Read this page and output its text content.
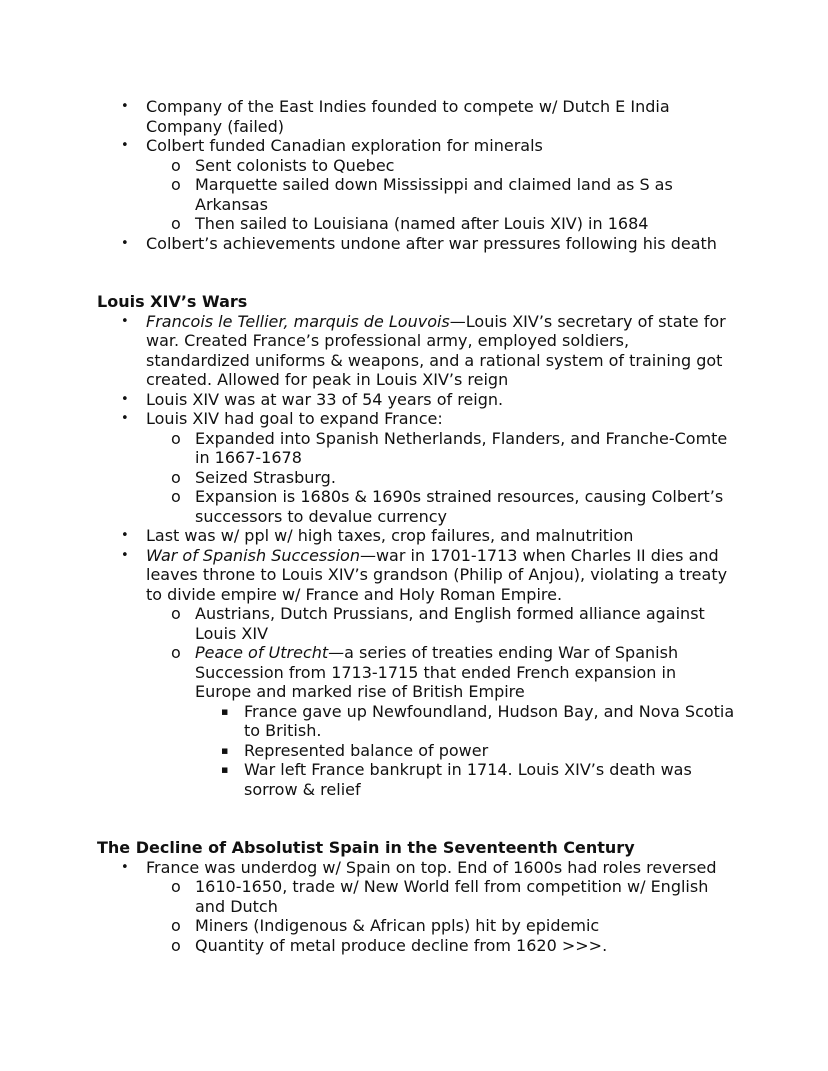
• Company of the East Indies founded to compete w/ Dutch E India Company (failed)
• Colbert funded Canadian exploration for minerals
o Sent colonists to Quebec
o Marquette sailed down Mississippi and claimed land as S as Arkansas
o Then sailed to Louisiana (named after Louis XIV) in 1684
• Colbert’s achievements undone after war pressures following his death
Louis XIV’s Wars
• Francois le Tellier, marquis de Louvois—Louis XIV’s secretary of state for war. Created France’s professional army, employed soldiers, standardized uniforms & weapons, and a rational system of training got created. Allowed for peak in Louis XIV’s reign
• Louis XIV was at war 33 of 54 years of reign.
• Louis XIV had goal to expand France:
o Expanded into Spanish Netherlands, Flanders, and Franche-Comte in 1667-1678
o Seized Strasburg.
o Expansion is 1680s & 1690s strained resources, causing Colbert’s successors to devalue currency
• Last was w/ ppl w/ high taxes, crop failures, and malnutrition
• War of Spanish Succession—war in 1701-1713 when Charles II dies and leaves throne to Louis XIV’s grandson (Philip of Anjou), violating a treaty to divide empire w/ France and Holy Roman Empire.
o Austrians, Dutch Prussians, and English formed alliance against Louis XIV
o Peace of Utrecht—a series of treaties ending War of Spanish Succession from 1713-1715 that ended French expansion in Europe and marked rise of British Empire
▪ France gave up Newfoundland, Hudson Bay, and Nova Scotia to British.
▪ Represented balance of power
▪ War left France bankrupt in 1714. Louis XIV’s death was sorrow & relief
The Decline of Absolutist Spain in the Seventeenth Century
• France was underdog w/ Spain on top. End of 1600s had roles reversed
o 1610-1650, trade w/ New World fell from competition w/ English and Dutch
o Miners (Indigenous & African ppls) hit by epidemic
o Quantity of metal produce decline from 1620 >>>.
